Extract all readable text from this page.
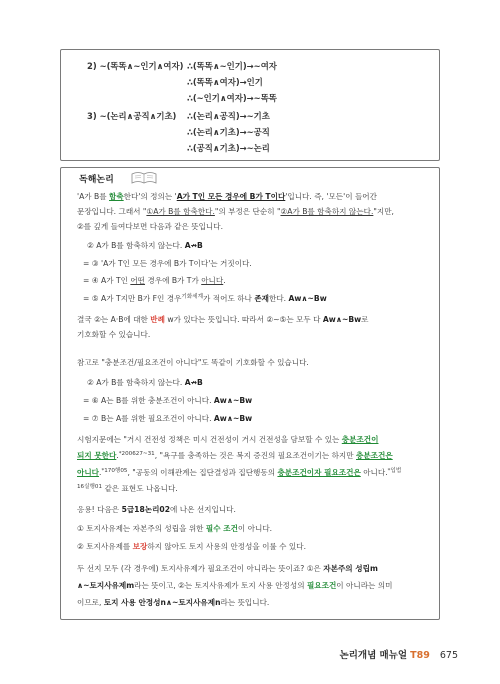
2) ~(똑똑∧~인기∧여자) ∴(똑똑∧~인기)→~여자
∴(똑똑∧여자)→인기
∴(~인기∧여자)→~똑똑
3) ~(논리∧공직∧기초) ∴(논리∧공직)→~기초
∴(논리∧기초)→~공직
∴(공직∧기초)→~논리
독해논리
'A가 B를 함축한다'의 정의는 'A가 T인 모든 경우에 B가 T이다'입니다. 즉, '모든'이 들어간
문장입니다. 그래서 "①A가 B를 함축한다."의 부정은 단순히 "②A가 B를 함축하지 않는다."지만,
②를 깊게 들여다보면 다음과 같은 뜻입니다.
② A가 B를 함축하지 않는다. A↛B
= ③ 'A가 T인 모든 경우에 B가 T이다'는 거짓이다.
= ④ A가 T인 어떤 경우에 B가 T가 아니다.
= ⑤ A가 T지만 B가 F인 경우$^{기화세계}$가 적어도 하나 존재한다. Aw∧~Bw
결국 ②는 A·B에 대한 반례 w가 있다는 뜻입니다. 따라서 ②~⑤는 모두 다 Aw∧~Bw로
기호화할 수 있습니다.
참고로 "충분조건/필요조건이 아니다"도 똑같이 기호화할 수 있습니다.
② A가 B를 함축하지 않는다. A↛B
= ⑥ A는 B를 위한 충분조건이 아니다. Aw∧~Bw
= ⑦ B는 A를 위한 필요조건이 아니다. Aw∧~Bw
시험지문에는 "거시 건전성 정책은 미시 건전성이 거시 건전성을 담보할 수 있는 충분조건이
되지 못한다.$^{*200627\sim 31}$, "욕구를 충족하는 것은 복지 증진의 필요조건이기는 하지만 충분조건은
아니다.$^{*170행05}$, "공동의 이해관계는 집단결성과 집단행동의 충분조건이자 필요조건은 아니다.$^{*입법}$
$^{16실행01}$ 같은 표현도 나옵니다.
응용! 다음은 5급18논리02에 나온 선지입니다.
① 토지사유제는 자본주의 성립을 위한 필수 조건이 아니다.
② 토지사유제를 보장하지 않아도 토지 사용의 안정성을 이룰 수 있다.
두 선지 모두 (각 경우에) 토지사유제가 필요조건이 아니라는 뜻이죠? ①은 자본주의 성립m
∧~토지사유제m라는 뜻이고, ②는 토지사유제가 토지 사용 안정성의 필요조건이 아니라는 의미
이므로, 토지 사용 안정성n∧~토지사유제n라는 뜻입니다.
논리개념 매뉴얼 T89 675
